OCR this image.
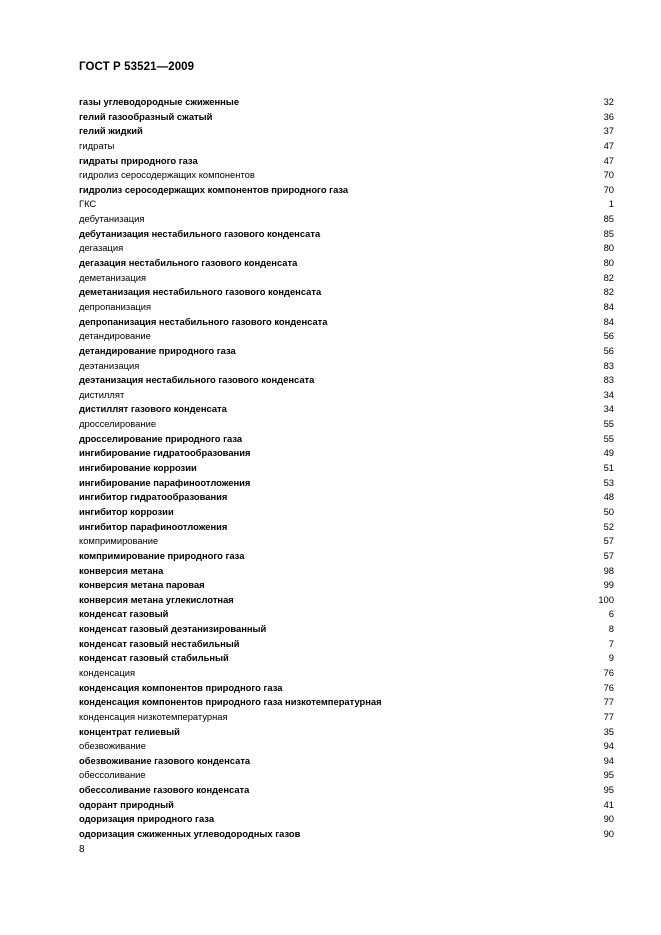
ГОСТ Р 53521—2009
газы углеводородные сжиженные	32
гелий газообразный сжатый	36
гелий жидкий	37
гидраты	47
гидраты природного газа	47
гидролиз серосодержащих компонентов	70
гидролиз серосодержащих компонентов природного газа	70
ГКС	1
дебутанизация	85
дебутанизация нестабильного газового конденсата	85
дегазация	80
дегазация нестабильного газового конденсата	80
деметанизация	82
деметанизация нестабильного газового конденсата	82
депропанизация	84
депропанизация нестабильного газового конденсата	84
детандирование	56
детандирование природного газа	56
деэтанизация	83
деэтанизация нестабильного газового конденсата	83
дистиллят	34
дистиллят газового конденсата	34
дросселирование	55
дросселирование природного газа	55
ингибирование гидратообразования	49
ингибирование коррозии	51
ингибирование парафиноотложения	53
ингибитор гидратообразования	48
ингибитор коррозии	50
ингибитор парафиноотложения	52
компримирование	57
компримирование природного газа	57
конверсия метана	98
конверсия метана паровая	99
конверсия метана углекислотная	100
конденсат газовый	6
конденсат газовый деэтанизированный	8
конденсат газовый нестабильный	7
конденсат газовый стабильный	9
конденсация	76
конденсация компонентов природного газа	76
конденсация компонентов природного газа низкотемпературная	77
конденсация низкотемпературная	77
концентрат гелиевый	35
обезвоживание	94
обезвоживание газового конденсата	94
обессоливание	95
обессоливание газового конденсата	95
одорант природный	41
одоризация природного газа	90
одоризация сжиженных углеводородных газов	90
8
